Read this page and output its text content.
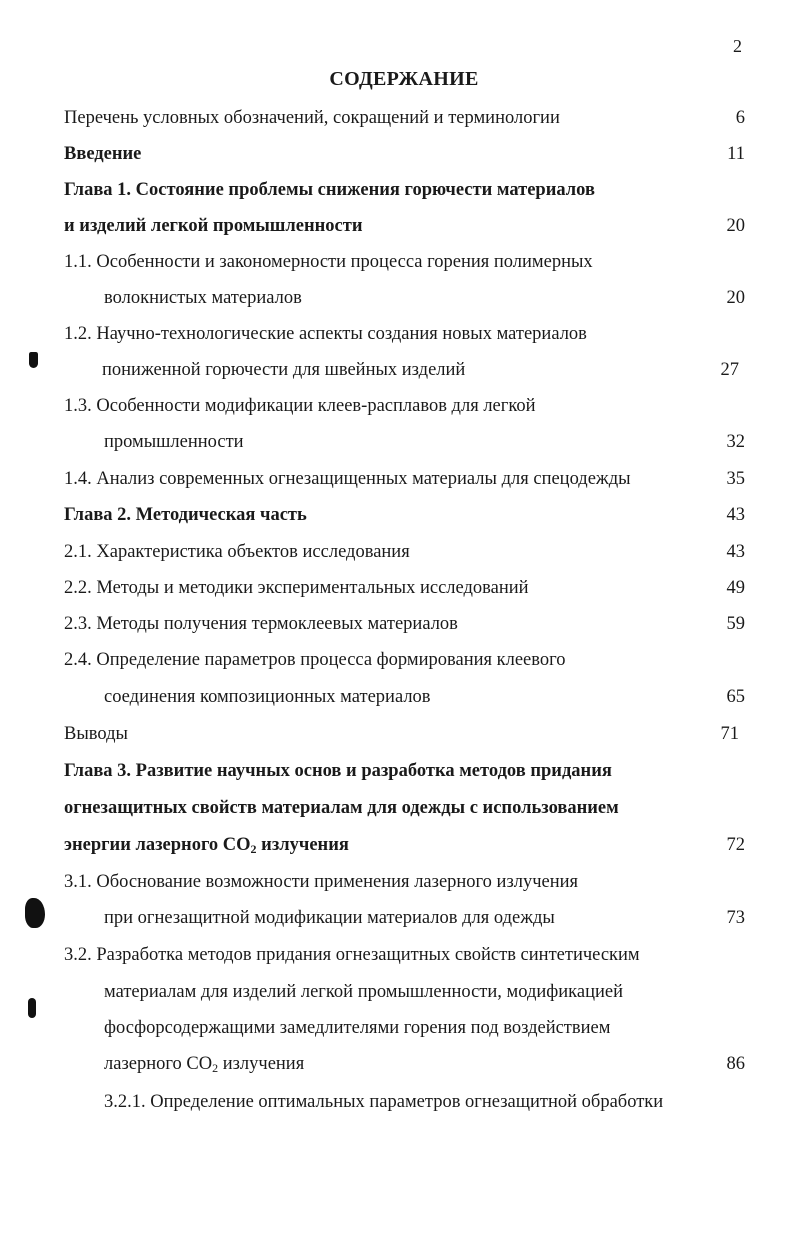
2
СОДЕРЖАНИЕ
Перечень условных обозначений, сокращений и терминологии	6
Введение	11
Глава 1. Состояние проблемы снижения горючести материалов
и изделий легкой промышленности	20
1.1. Особенности и закономерности процесса горения полимерных
волокнистых материалов	20
1.2. Научно-технологические аспекты создания новых материалов
пониженной горючести для швейных изделий	27
1.3. Особенности модификации клеев-расплавов для легкой
промышленности	32
1.4. Анализ современных огнезащищенных материалы для спецодежды	35
Глава 2. Методическая часть	43
2.1. Характеристика объектов исследования	43
2.2. Методы и методики экспериментальных исследований	49
2.3. Методы получения термоклеевых материалов	59
2.4. Определение параметров процесса формирования клеевого
соединения композиционных материалов	65
Выводы	71
Глава 3. Развитие научных основ и разработка методов придания
огнезащитных свойств материалам для одежды с использованием
энергии лазерного $CO_2$ излучения	72
3.1. Обоснование возможности применения лазерного излучения
при огнезащитной модификации материалов для одежды	73
3.2. Разработка методов придания огнезащитных свойств синтетическим
материалам для изделий легкой промышленности, модификацией
фосфорсодержащими замедлителями горения под воздействием
лазерного $CO_2$ излучения	86
3.2.1. Определение оптимальных параметров огнезащитной обработки
